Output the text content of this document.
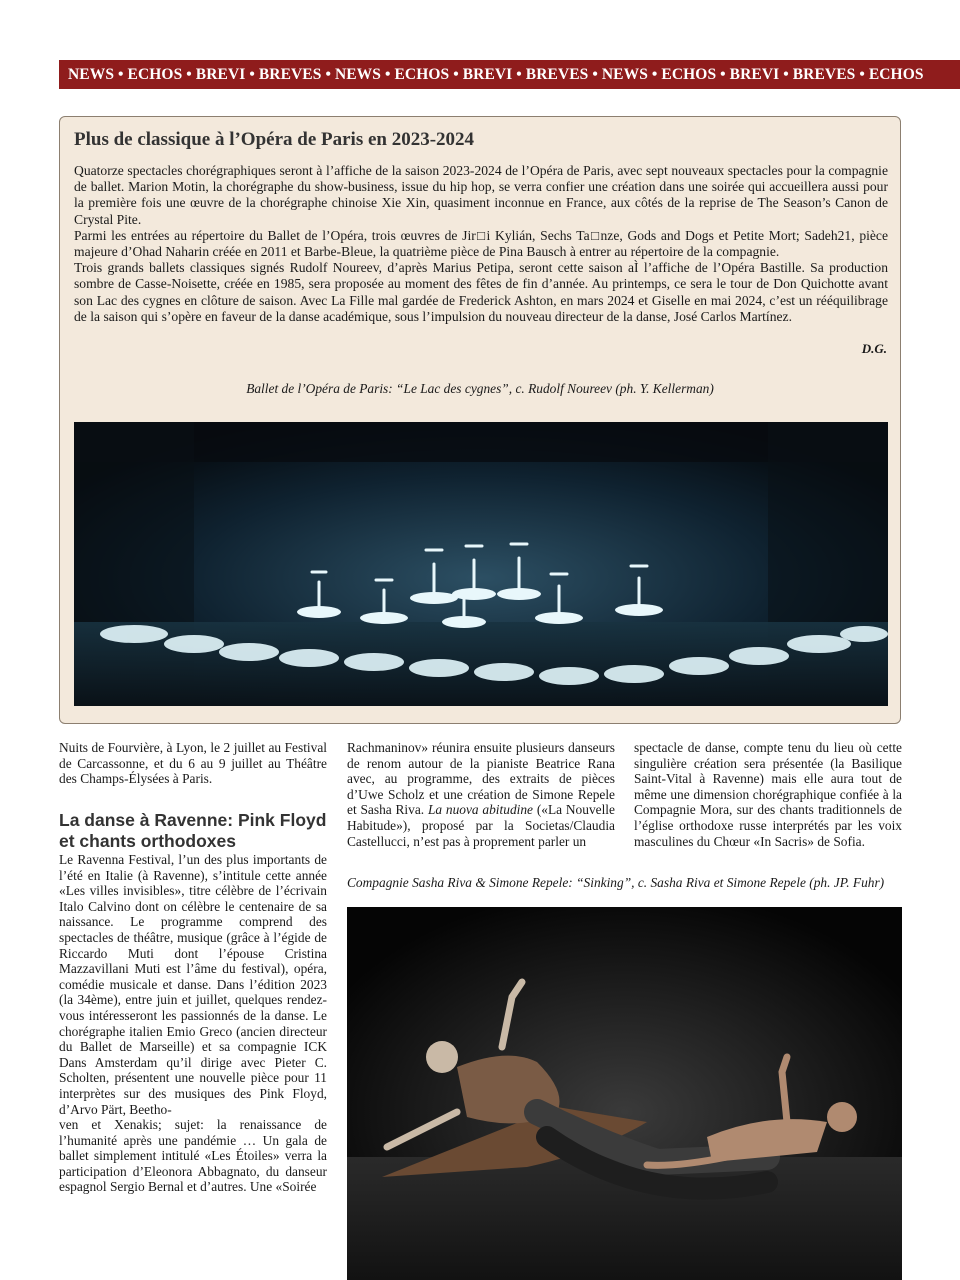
NEWS • ECHOS • BREVI • BREVES • NEWS • ECHOS • BREVI • BREVES • NEWS • ECHOS • BREVI • BREVES • ECHOS
Plus de classique à l’Opéra de Paris en 2023-2024

Quatorze spectacles chorégraphiques seront à l’affiche de la saison 2023-2024 de l’Opéra de Paris, avec sept nouveaux spectacles pour la compagnie de ballet. Marion Motin, la chorégraphe du show-business, issue du hip hop, se verra confier une création dans une soirée qui accueillera aussi pour la première fois une œuvre de la chorégraphe chinoise Xie Xin, quasiment inconnue en France, aux côtés de la reprise de The Season’s Canon de Crystal Pite.

Parmi les entrées au répertoire du Ballet de l’Opéra, trois œuvres de Jir□i Kylián, Sechs Ta□nze, Gods and Dogs et Petite Mort; Sadeh21, pièce majeure d’Ohad Naharin créée en 2011 et Barbe-Bleue, la quatrième pièce de Pina Bausch à entrer au répertoire de la compagnie.

Trois grands ballets classiques signés Rudolf Noureev, d’après Marius Petipa, seront cette saison aÌ l’affiche de l’Opéra Bastille. Sa production sombre de Casse-Noisette, créée en 1985, sera proposée au moment des fêtes de fin d’année. Au printemps, ce sera le tour de Don Quichotte avant son Lac des cygnes en clôture de saison. Avec La Fille mal gardée de Frederick Ashton, en mars 2024 et Giselle en mai 2024, c’est un rééquilibrage de la saison qui s’opère en faveur de la danse académique, sous l’impulsion du nouveau directeur de la danse, José Carlos Martínez.

D.G.
Ballet de l’Opéra de Paris: “Le Lac des cygnes”, c. Rudolf Noureev (ph. Y. Kellerman)
Nuits de Fourvière, à Lyon, le 2 juillet au Festival de Carcassonne, et du 6 au 9 juillet au Théâtre des Champs-Élysées à Paris.
La danse à Ravenne: Pink Floyd et chants orthodoxes

Le Ravenna Festival, l’un des plus importants de l’été en Italie (à Ravenne), s’intitule cette année «Les villes invisibles», titre célèbre de l’écrivain Italo Calvino dont on célèbre le centenaire de sa naissance. Le programme comprend des spectacles de théâtre, musique (grâce à l’égide de Riccardo Muti dont l’épouse Cristina Mazzavillani Muti est l’âme du festival), opéra, comédie musicale et danse. Dans l’édition 2023 (la 34ème), entre juin et juillet, quelques rendez-vous intéresseront les passionnés de la danse. Le chorégraphe italien Emio Greco (ancien directeur du Ballet de Marseille) et sa compagnie ICK Dans Amsterdam qu’il dirige avec Pieter C. Scholten, présentent une nouvelle pièce pour 11 interprètes sur des musiques des Pink Floyd, d’Arvo Pärt, Beetho-

ven et Xenakis; sujet: la renaissance de l’humanité après une pandémie … Un gala de ballet simplement intitulé «Les Étoiles» verra la participation d’Eleonora Abbagnato, du danseur espagnol Sergio Bernal et d’autres. Une «Soirée

Rachmaninov» réunira ensuite plusieurs danseurs de renom autour de la pianiste Beatrice Rana avec, au programme, des extraits de pièces d’Uwe Scholz et une création de Simone Repele et Sasha Riva. La nuova abitudine («La Nouvelle Habitude»), proposé par la Societas/Claudia Castellucci, n’est pas à proprement parler un
spectacle de danse, compte tenu du lieu où cette singulière création sera présentée (la Basilique Saint-Vital à Ravenne) mais elle aura tout de même une dimension chorégraphique confiée à la Compagnie Mora, sur des chants traditionnels de l’église orthodoxe russe interprétés par les voix masculines du Chœur «In Sacris» de Sofia.
Compagnie Sasha Riva & Simone Repele: “Sinking”, c. Sasha Riva et Simone Repele (ph. JP. Fuhr)
